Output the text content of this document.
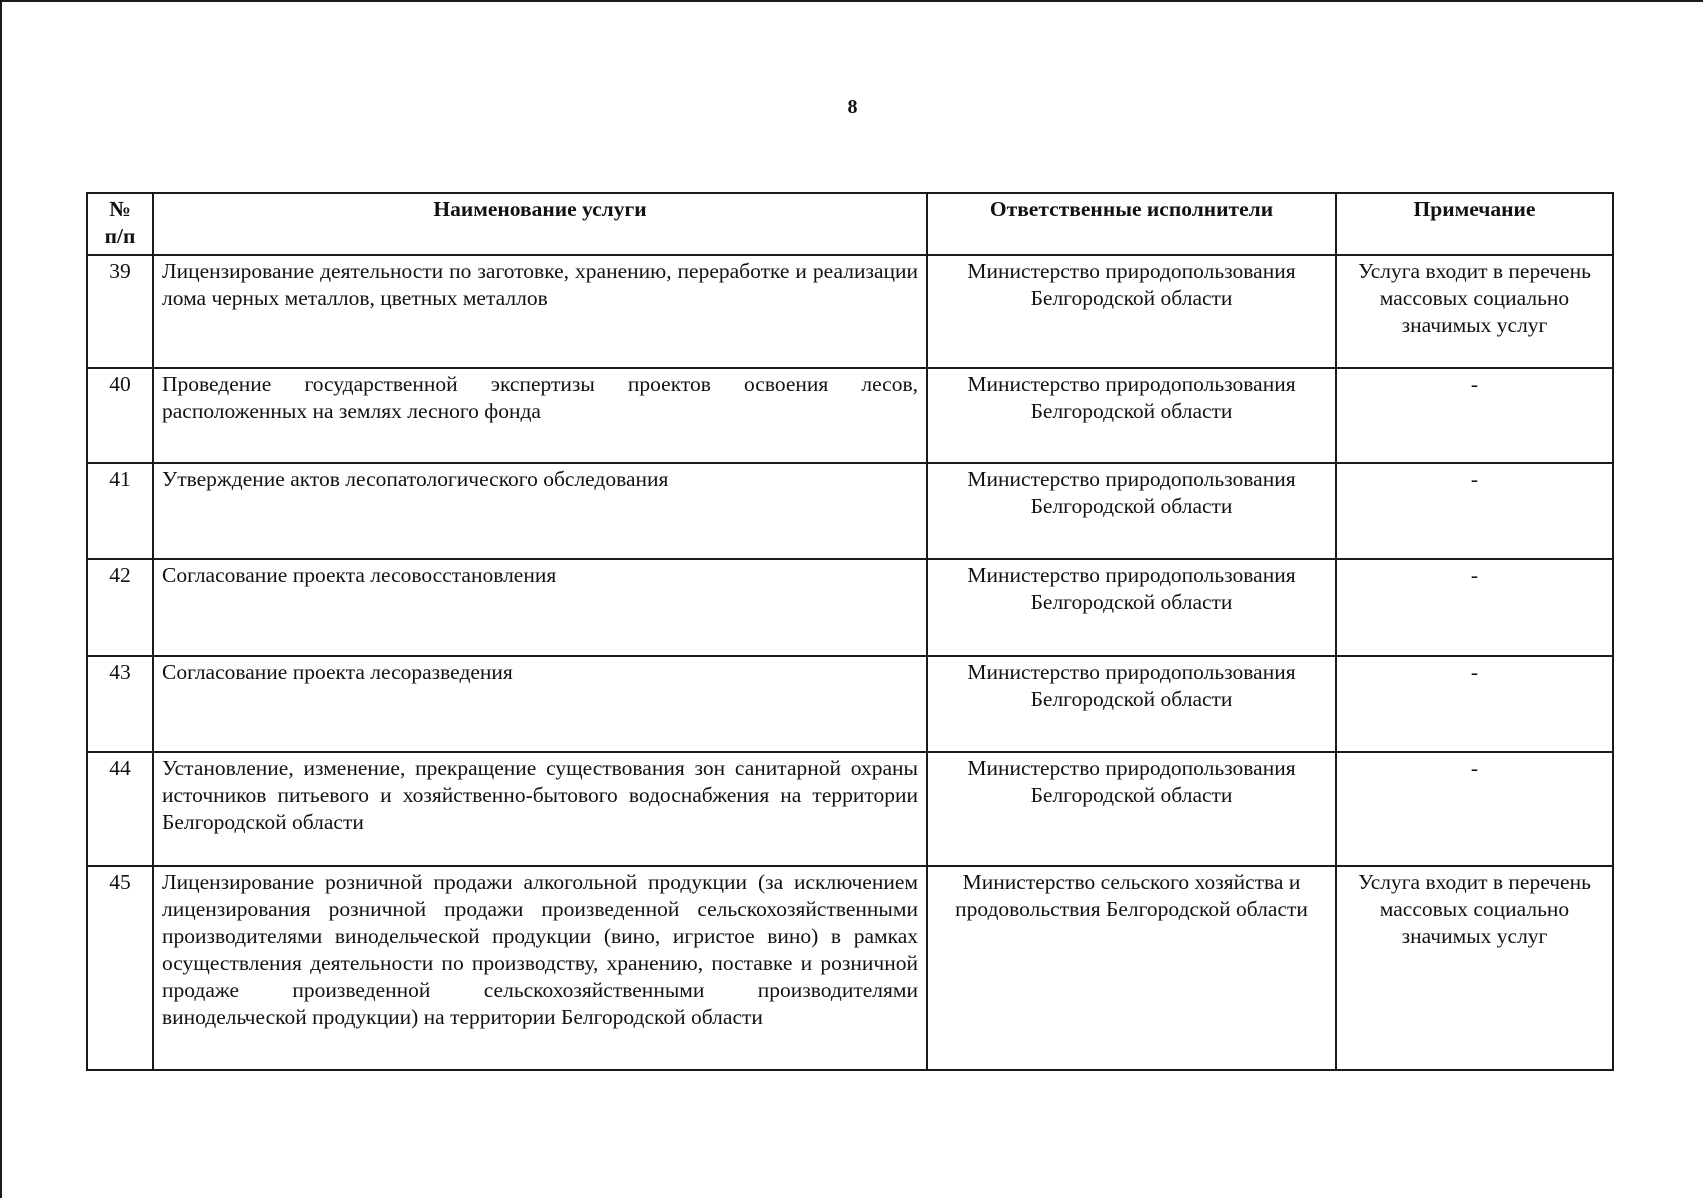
8
№
п/п	Наименование услуги	Ответственные исполнители	Примечание
39	Лицензирование деятельности по заготовке, хранению, переработке и реализации лома черных металлов, цветных металлов	Министерство природопользования Белгородской области	Услуга входит в перечень массовых социально значимых услуг
40	Проведение государственной экспертизы проектов освоения лесов, расположенных на землях лесного фонда	Министерство природопользования Белгородской области	-
41	Утверждение актов лесопатологического обследования	Министерство природопользования Белгородской области	-
42	Согласование проекта лесовосстановления	Министерство природопользования Белгородской области	-
43	Согласование проекта лесоразведения	Министерство природопользования Белгородской области	-
44	Установление, изменение, прекращение существования зон санитарной охраны источников питьевого и хозяйственно-бытового водоснабжения на территории Белгородской области	Министерство природопользования Белгородской области	-
45	Лицензирование розничной продажи алкогольной продукции (за исключением лицензирования розничной продажи произведенной сельскохозяйственными производителями винодельческой продукции (вино, игристое вино) в рамках осуществления деятельности по производству, хранению, поставке и розничной продаже произведенной сельскохозяйственными производителями винодельческой продукции) на территории Белгородской области	Министерство сельского хозяйства и продовольствия Белгородской области	Услуга входит в перечень массовых социально значимых услуг
